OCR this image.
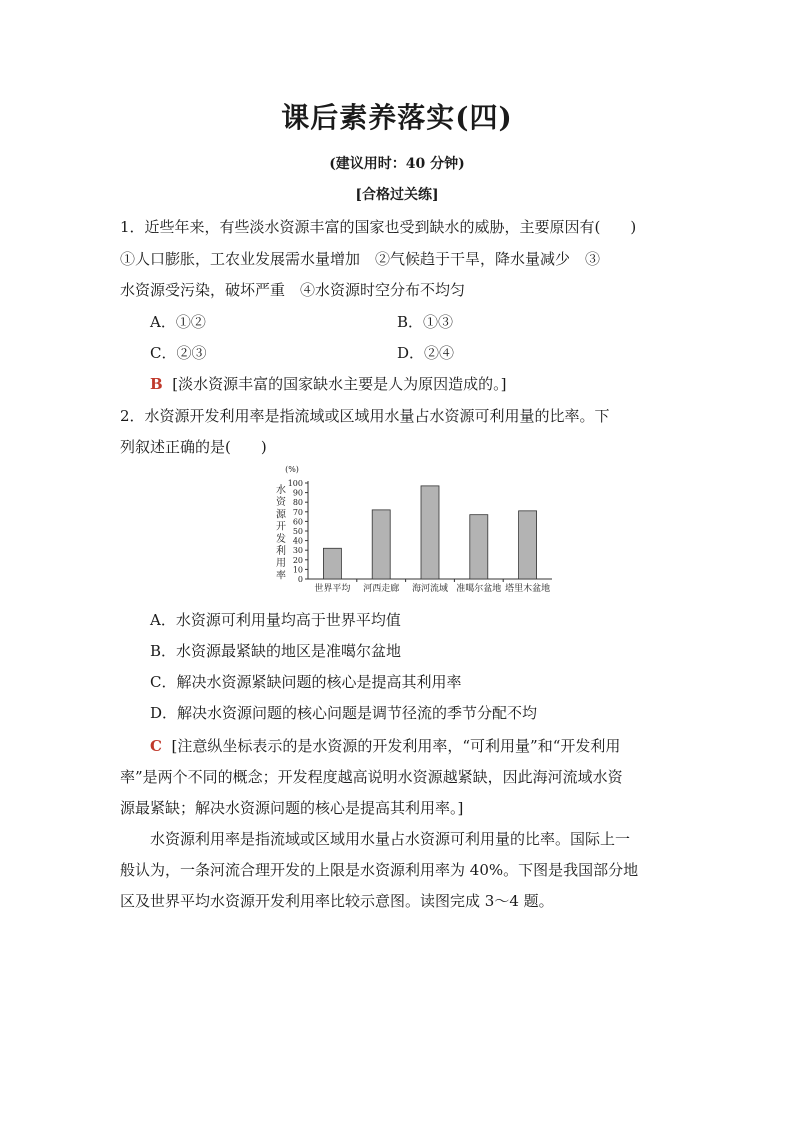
课后素养落实(四)
(建议用时：40 分钟)
[合格过关练]
1．近些年来，有些淡水资源丰富的国家也受到缺水的威胁，主要原因有(　　)
①人口膨胀，工农业发展需水量增加　②气候趋于干旱，降水量减少　③
水资源受污染，破坏严重　④水资源时空分布不均匀
A．①②	B．①③
C．②③	D．②④
B [淡水资源丰富的国家缺水主要是人为原因造成的。]
2．水资源开发利用率是指流域或区域用水量占水资源可利用量的比率。下
列叙述正确的是(　　)
(%)
水
资
源
开
发
利
用
率 0
10
20
30
40
50
60
70
80
90
100
世界平均 河西走廊 海河流域 准噶尔盆地 塔里木盆地
A．水资源可利用量均高于世界平均值
B．水资源最紧缺的地区是准噶尔盆地
C．解决水资源紧缺问题的核心是提高其利用率
D．解决水资源问题的核心问题是调节径流的季节分配不均
C [注意纵坐标表示的是水资源的开发利用率，“可利用量”和“开发利用
率”是两个不同的概念；开发程度越高说明水资源越紧缺，因此海河流域水资
源最紧缺；解决水资源问题的核心是提高其利用率。]
水资源利用率是指流域或区域用水量占水资源可利用量的比率。国际上一
般认为，一条河流合理开发的上限是水资源利用率为 40%。下图是我国部分地
区及世界平均水资源开发利用率比较示意图。读图完成 3～4 题。
